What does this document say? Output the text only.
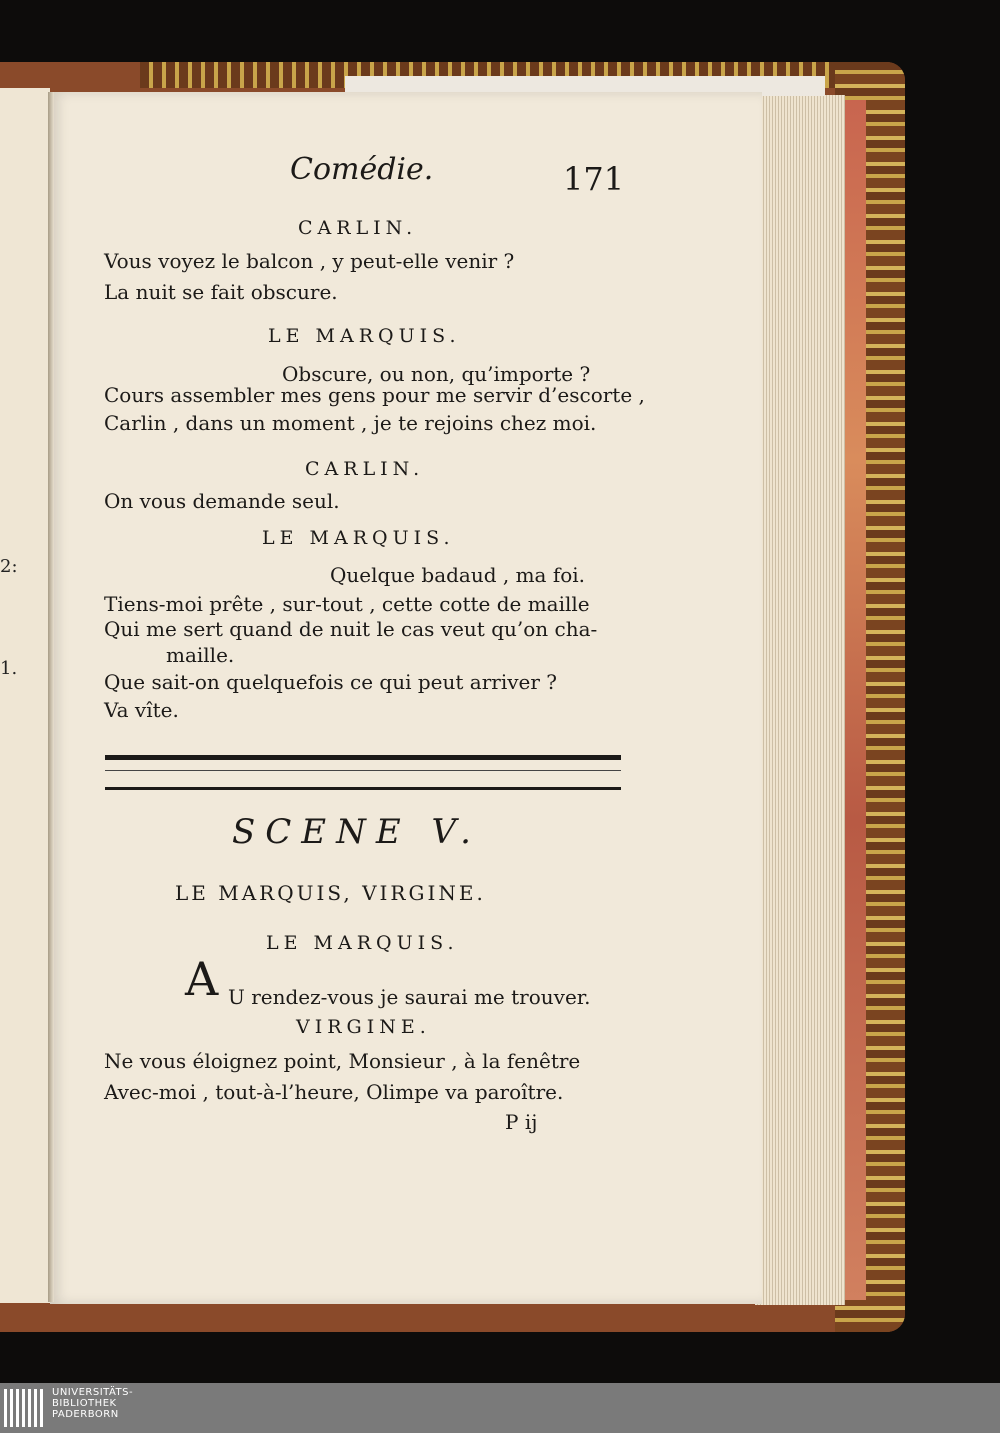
2:
1.
Comédie.	171
CARLIN.
Vous voyez le balcon , y peut-elle venir ?
La nuit se fait obscure.
LE MARQUIS.
Obscure, ou non, qu’importe ?
Cours assembler mes gens pour me servir d’escorte ,
Carlin , dans un moment , je te rejoins chez moi.
CARLIN.
On vous demande seul.
LE MARQUIS.
Quelque badaud , ma foi.
Tiens-moi prête , sur-tout , cette cotte de maille
Qui me sert quand de nuit le cas veut qu’on cha-
maille.
Que sait-on quelquefois ce qui peut arriver ?
Va vîte.
SCENE V.
LE MARQUIS, VIRGINE.
LE MARQUIS.
A U rendez-vous je saurai me trouver.
VIRGINE.
Ne vous éloignez point, Monsieur , à la fenêtre
Avec-moi , tout-à-l’heure, Olimpe va paroître.
P ij
UNIVERSITÄTS-
BIBLIOTHEK
PADERBORN
